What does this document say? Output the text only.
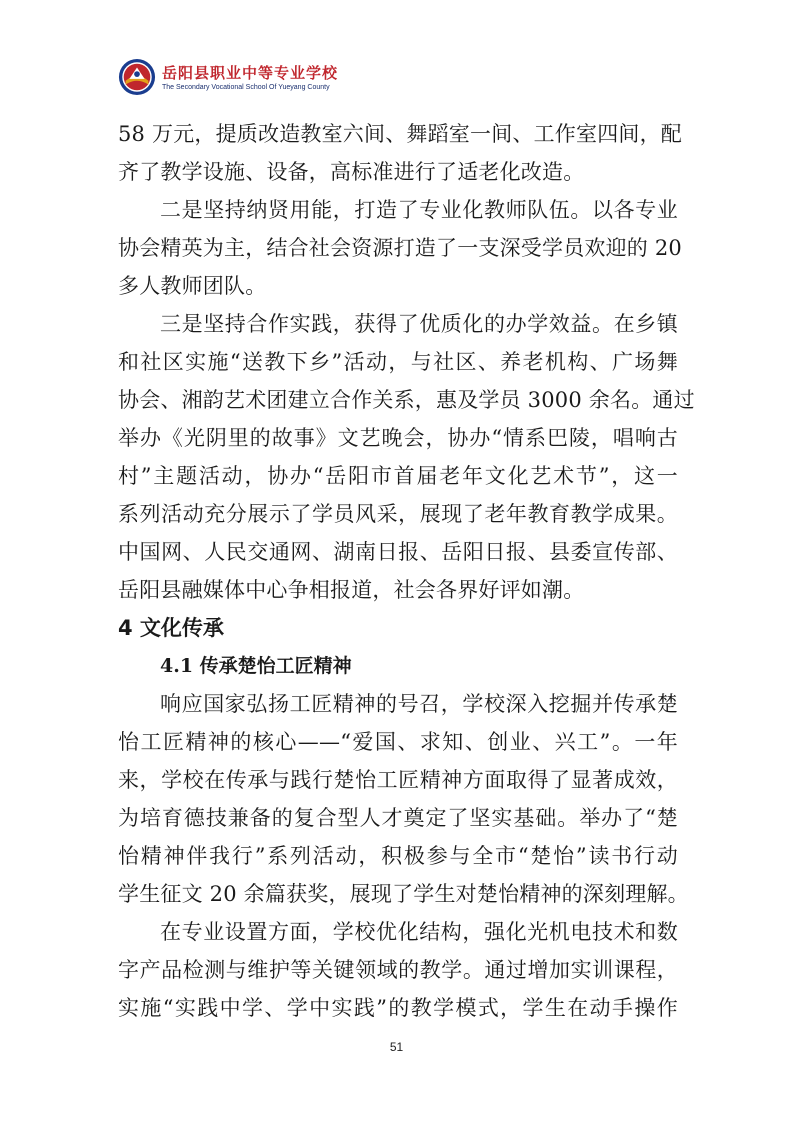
岳阳县职业中等专业学校
The Secondary Vocational School Of Yueyang County
58 万元，提质改造教室六间、舞蹈室一间、工作室四间，配
齐了教学设施、设备，高标准进行了适老化改造。
二是坚持纳贤用能，打造了专业化教师队伍。以各专业
协会精英为主，结合社会资源打造了一支深受学员欢迎的 20
多人教师团队。
三是坚持合作实践，获得了优质化的办学效益。在乡镇
和社区实施“送教下乡”活动，与社区、养老机构、广场舞
协会、湘韵艺术团建立合作关系，惠及学员 3000 余名。通过
举办《光阴里的故事》文艺晚会，协办“情系巴陵，唱响古
村”主题活动，协办“岳阳市首届老年文化艺术节”，这一
系列活动充分展示了学员风采，展现了老年教育教学成果。
中国网、人民交通网、湖南日报、岳阳日报、县委宣传部、
岳阳县融媒体中心争相报道，社会各界好评如潮。
4 文化传承
4.1 传承楚怡工匠精神
响应国家弘扬工匠精神的号召，学校深入挖掘并传承楚
怡工匠精神的核心——“爱国、求知、创业、兴工”。一年
来，学校在传承与践行楚怡工匠精神方面取得了显著成效，
为培育德技兼备的复合型人才奠定了坚实基础。举办了“楚
怡精神伴我行”系列活动，积极参与全市“楚怡”读书行动
学生征文 20 余篇获奖，展现了学生对楚怡精神的深刻理解。
在专业设置方面，学校优化结构，强化光机电技术和数
字产品检测与维护等关键领域的教学。通过增加实训课程，
实施“实践中学、学中实践”的教学模式，学生在动手操作
51
